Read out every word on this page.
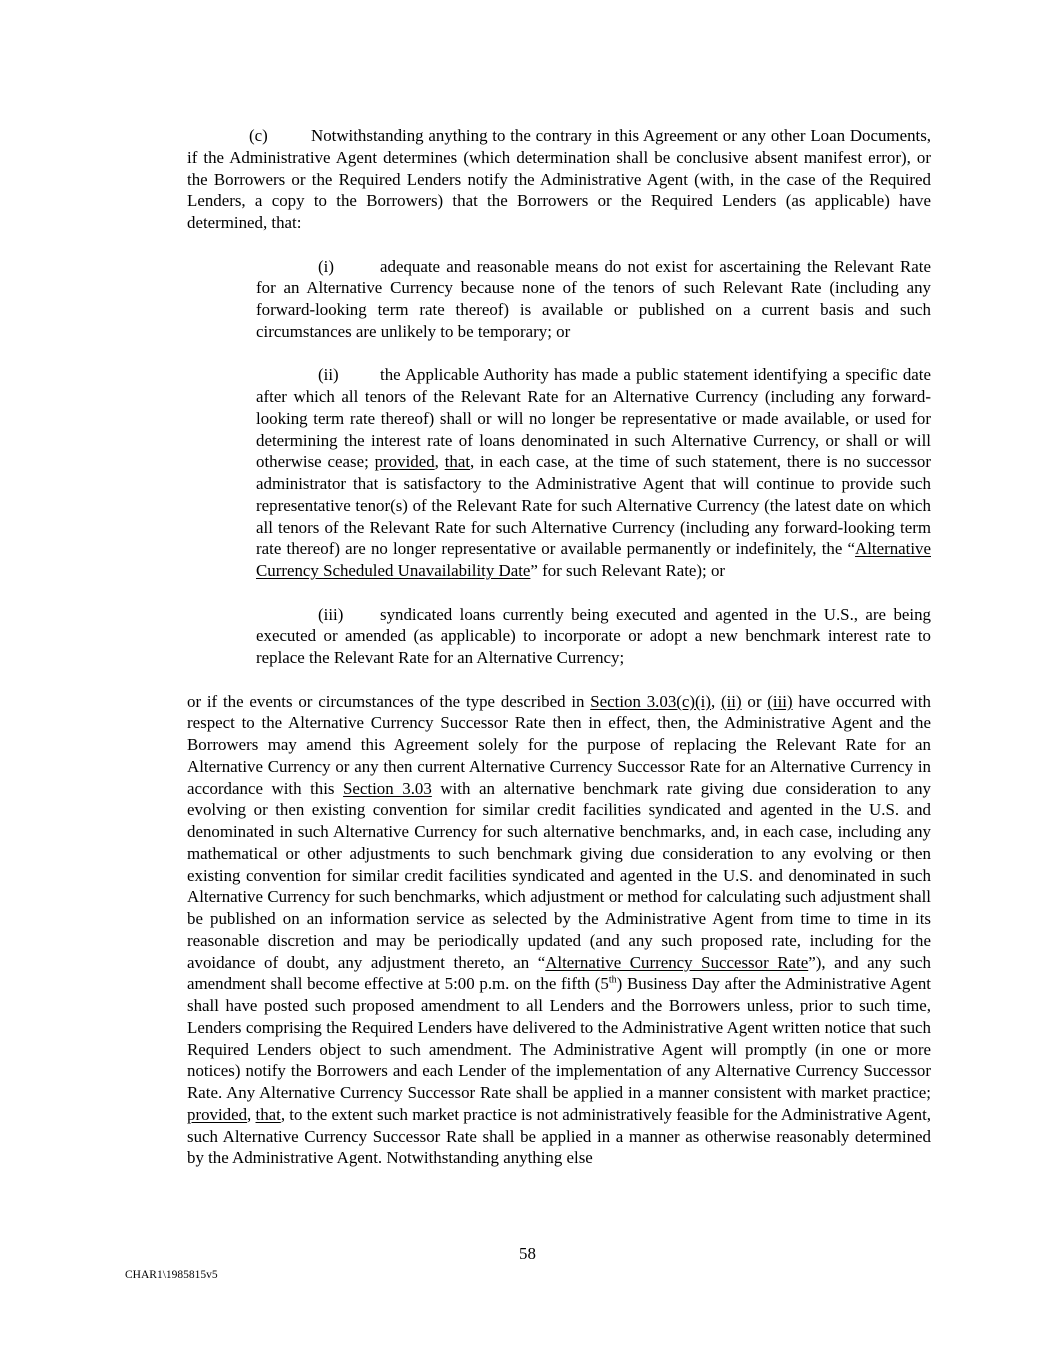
(c)	Notwithstanding anything to the contrary in this Agreement or any other Loan Documents, if the Administrative Agent determines (which determination shall be conclusive absent manifest error), or the Borrowers or the Required Lenders notify the Administrative Agent (with, in the case of the Required Lenders, a copy to the Borrowers) that the Borrowers or the Required Lenders (as applicable) have determined, that:

(i)	adequate and reasonable means do not exist for ascertaining the Relevant Rate for an Alternative Currency because none of the tenors of such Relevant Rate (including any forward-looking term rate thereof) is available or published on a current basis and such circumstances are unlikely to be temporary; or

(ii) the Applicable Authority has made a public statement identifying a specific date after which all tenors of the Relevant Rate for an Alternative Currency (including any forward-looking term rate thereof) shall or will no longer be representative or made available, or used for determining the interest rate of loans denominated in such Alternative Currency, or shall or will otherwise cease; provided, that, in each case, at the time of such statement, there is no successor administrator that is satisfactory to the Administrative Agent that will continue to provide such representative tenor(s) of the Relevant Rate for such Alternative Currency (the latest date on which all tenors of the Relevant Rate for such Alternative Currency (including any forward-looking term rate thereof) are no longer representative or available permanently or indefinitely, the “Alternative Currency Scheduled Unavailability Date” for such Relevant Rate); or

(iii) syndicated loans currently being executed and agented in the U.S., are being executed or amended (as applicable) to incorporate or adopt a new benchmark interest rate to replace the Relevant Rate for an Alternative Currency;

or if the events or circumstances of the type described in Section 3.03(c)(i), (ii) or (iii) have occurred with respect to the Alternative Currency Successor Rate then in effect, then, the Administrative Agent and the Borrowers may amend this Agreement solely for the purpose of replacing the Relevant Rate for an Alternative Currency or any then current Alternative Currency Successor Rate for an Alternative Currency in accordance with this Section 3.03 with an alternative benchmark rate giving due consideration to any evolving or then existing convention for similar credit facilities syndicated and agented in the U.S. and denominated in such Alternative Currency for such alternative benchmarks, and, in each case, including any mathematical or other adjustments to such benchmark giving due consideration to any evolving or then existing convention for similar credit facilities syndicated and agented in the U.S. and denominated in such Alternative Currency for such benchmarks, which adjustment or method for calculating such adjustment shall be published on an information service as selected by the Administrative Agent from time to time in its reasonable discretion and may be periodically updated (and any such proposed rate, including for the avoidance of doubt, any adjustment thereto, an “Alternative Currency Successor Rate”), and any such amendment shall become effective at 5:00 p.m. on the fifth (5th) Business Day after the Administrative Agent shall have posted such proposed amendment to all Lenders and the Borrowers unless, prior to such time, Lenders comprising the Required Lenders have delivered to the Administrative Agent written notice that such Required Lenders object to such amendment. The Administrative Agent will promptly (in one or more notices) notify the Borrowers and each Lender of the implementation of any Alternative Currency Successor Rate. Any Alternative Currency Successor Rate shall be applied in a manner consistent with market practice; provided, that, to the extent such market practice is not administratively feasible for the Administrative Agent, such Alternative Currency Successor Rate shall be applied in a manner as otherwise reasonably determined by the Administrative Agent. Notwithstanding anything else

58
CHAR1\1985815v5
